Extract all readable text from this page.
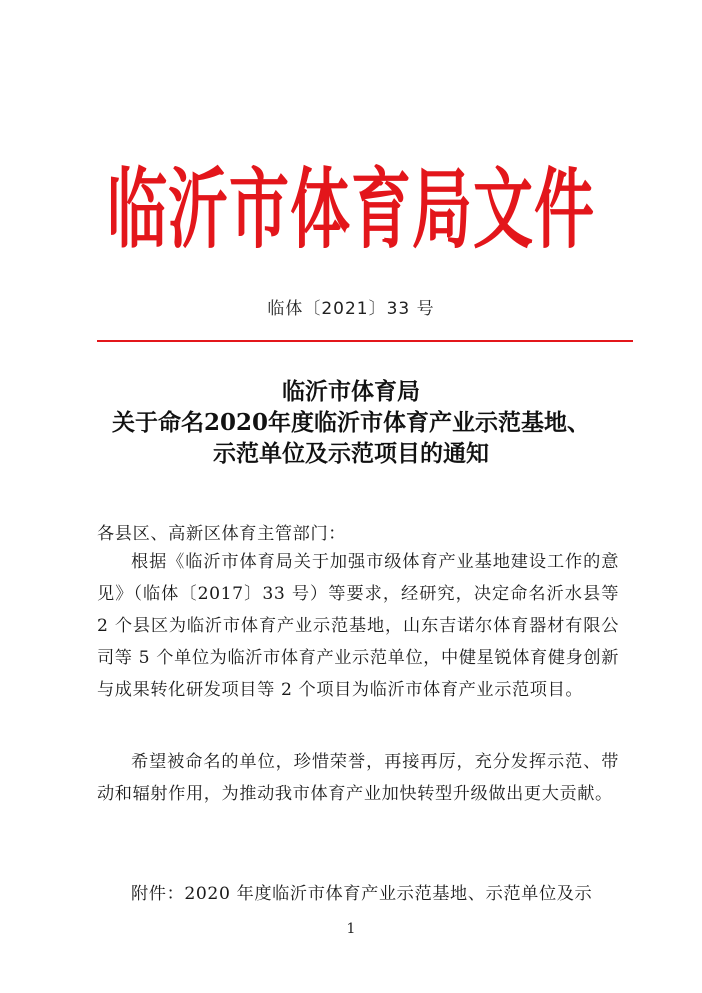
临沂市体育局文件
临体〔2021〕33 号
临沂市体育局
关于命名2020年度临沂市体育产业示范基地、
示范单位及示范项目的通知
各县区、高新区体育主管部门：
根据《临沂市体育局关于加强市级体育产业基地建设工作的意见》（临体〔2017〕33 号）等要求，经研究，决定命名沂水县等 2 个县区为临沂市体育产业示范基地，山东吉诺尔体育器材有限公司等 5 个单位为临沂市体育产业示范单位，中健星锐体育健身创新与成果转化研发项目等 2 个项目为临沂市体育产业示范项目。
希望被命名的单位，珍惜荣誉，再接再厉，充分发挥示范、带动和辐射作用，为推动我市体育产业加快转型升级做出更大贡献。
附件：2020 年度临沂市体育产业示范基地、示范单位及示
1
